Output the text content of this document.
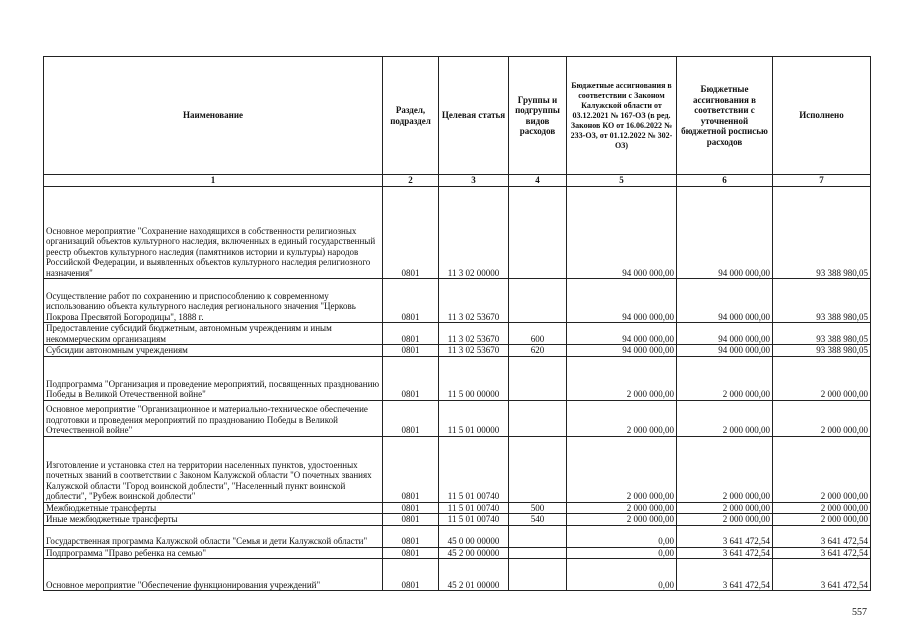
Наименование	Раздел, подраздел	Целевая статья	Группы и подгруппы видов расходов	Бюджетные ассигнования в соответствии с Законом Калужской области от 03.12.2021 № 167-ОЗ (в ред. Законов КО от 16.06.2022 № 233-ОЗ, от 01.12.2022 № 302-ОЗ)	Бюджетные ассигнования в соответствии с уточненной бюджетной росписью расходов	Исполнено
1	2	3	4	5	6	7
Основное мероприятие "Сохранение находящихся в собственности религиозных организаций объектов культурного наследия, включенных в единый государственный реестр объектов культурного наследия (памятников истории и культуры) народов Российской Федерации, и выявленных объектов культурного наследия религиозного назначения"	0801	11 3 02 00000		94 000 000,00	94 000 000,00	93 388 980,05
Осуществление работ по сохранению и приспособлению к современному использованию объекта культурного наследия регионального значения "Церковь Покрова Пресвятой Богородицы", 1888 г.	0801	11 3 02 53670		94 000 000,00	94 000 000,00	93 388 980,05
Предоставление субсидий бюджетным, автономным учреждениям и иным некоммерческим организациям	0801	11 3 02 53670	600	94 000 000,00	94 000 000,00	93 388 980,05
Субсидии автономным учреждениям	0801	11 3 02 53670	620	94 000 000,00	94 000 000,00	93 388 980,05
Подпрограмма "Организация и проведение мероприятий, посвященных празднованию Победы в Великой Отечественной войне"	0801	11 5 00 00000		2 000 000,00	2 000 000,00	2 000 000,00
Основное мероприятие "Организационное и материально-техническое обеспечение подготовки и проведения мероприятий по празднованию Победы в Великой Отечественной войне"	0801	11 5 01 00000		2 000 000,00	2 000 000,00	2 000 000,00
Изготовление и установка стел на территории населенных пунктов, удостоенных почетных званий в соответствии с Законом Калужской области "О почетных званиях Калужской области "Город воинской доблести", "Населенный пункт воинской доблести", "Рубеж воинской доблести"	0801	11 5 01 00740		2 000 000,00	2 000 000,00	2 000 000,00
Межбюджетные трансферты	0801	11 5 01 00740	500	2 000 000,00	2 000 000,00	2 000 000,00
Иные межбюджетные трансферты	0801	11 5 01 00740	540	2 000 000,00	2 000 000,00	2 000 000,00
Государственная программа Калужской области "Семья и дети Калужской области"	0801	45 0 00 00000		0,00	3 641 472,54	3 641 472,54
Подпрограмма "Право ребенка на семью"	0801	45 2 00 00000		0,00	3 641 472,54	3 641 472,54
Основное мероприятие "Обеспечение функционирования учреждений"	0801	45 2 01 00000		0,00	3 641 472,54	3 641 472,54
557
